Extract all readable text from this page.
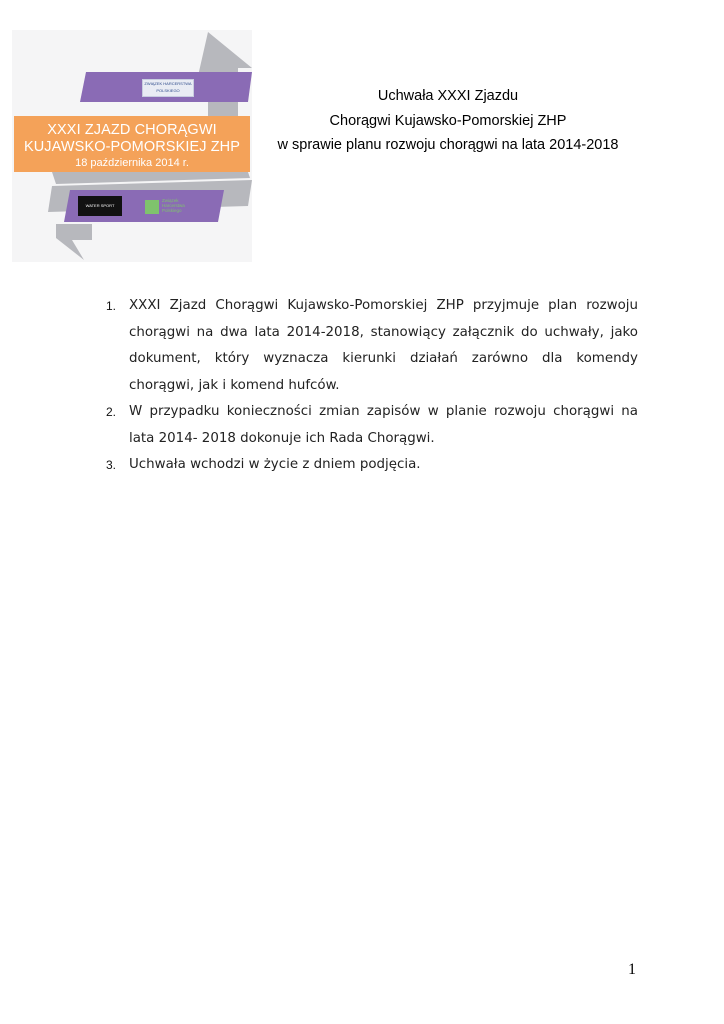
ZWIĄZEK HARCERSTWA POLSKIEGO
XXXI ZJAZD CHORĄGWI
KUJAWSKO-POMORSKIEJ ZHP
18 października 2014 r.
WATER SPORT
Związek Harcerstwa Polskiego
Uchwała XXXI Zjazdu
Chorągwi Kujawsko-Pomorskiej ZHP
w sprawie planu rozwoju chorągwi na lata 2014-2018
1. XXXI Zjazd Chorągwi Kujawsko-Pomorskiej ZHP przyjmuje plan rozwoju chorągwi na dwa lata 2014-2018, stanowiący załącznik do uchwały, jako dokument, który wyznacza kierunki działań zarówno dla komendy chorągwi, jak i komend hufców.
2. W przypadku konieczności zmian zapisów w planie rozwoju chorągwi na lata 2014- 2018 dokonuje ich Rada Chorągwi.
3. Uchwała wchodzi w życie z dniem podjęcia.
1
